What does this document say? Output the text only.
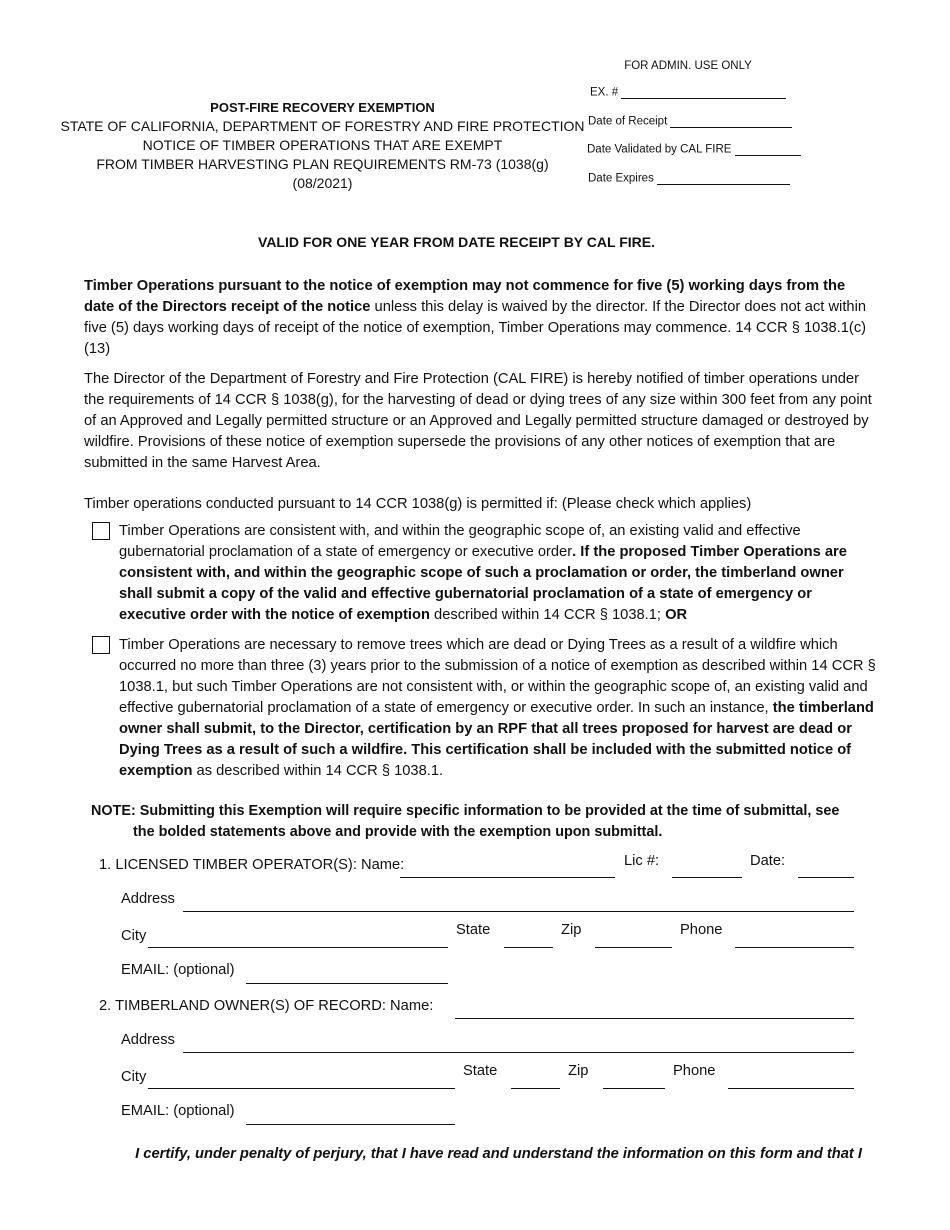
POST-FIRE RECOVERY EXEMPTION
STATE OF CALIFORNIA, DEPARTMENT OF FORESTRY AND FIRE PROTECTION
NOTICE OF TIMBER OPERATIONS THAT ARE EXEMPT
FROM TIMBER HARVESTING PLAN REQUIREMENTS RM-73 (1038(g)
(08/2021)
FOR ADMIN. USE ONLY
EX. #
Date of Receipt
Date Validated by CAL FIRE
Date Expires
VALID FOR ONE YEAR FROM DATE RECEIPT BY CAL FIRE.
Timber Operations pursuant to the notice of exemption may not commence for five (5) working days from the date of the Directors receipt of the notice unless this delay is waived by the director. If the Director does not act within five (5) days working days of receipt of the notice of exemption, Timber Operations may commence. 14 CCR § 1038.1(c)(13)
The Director of the Department of Forestry and Fire Protection (CAL FIRE) is hereby notified of timber operations under the requirements of 14 CCR § 1038(g), for the harvesting of dead or dying trees of any size within 300 feet from any point of an Approved and Legally permitted structure or an Approved and Legally permitted structure damaged or destroyed by wildfire. Provisions of these notice of exemption supersede the provisions of any other notices of exemption that are submitted in the same Harvest Area.
Timber operations conducted pursuant to 14 CCR 1038(g) is permitted if: (Please check which applies)
Timber Operations are consistent with, and within the geographic scope of, an existing valid and effective gubernatorial proclamation of a state of emergency or executive order. If the proposed Timber Operations are consistent with, and within the geographic scope of such a proclamation or order, the timberland owner shall submit a copy of the valid and effective gubernatorial proclamation of a state of emergency or executive order with the notice of exemption described within 14 CCR § 1038.1; OR
Timber Operations are necessary to remove trees which are dead or Dying Trees as a result of a wildfire which occurred no more than three (3) years prior to the submission of a notice of exemption as described within 14 CCR § 1038.1, but such Timber Operations are not consistent with, or within the geographic scope of, an existing valid and effective gubernatorial proclamation of a state of emergency or executive order. In such an instance, the timberland owner shall submit, to the Director, certification by an RPF that all trees proposed for harvest are dead or Dying Trees as a result of such a wildfire. This certification shall be included with the submitted notice of exemption as described within 14 CCR § 1038.1.
NOTE: Submitting this Exemption will require specific information to be provided at the time of submittal, see
the bolded statements above and provide with the exemption upon submittal.
1. LICENSED TIMBER OPERATOR(S): Name:	Lic #:	Date:
Address
City	State	Zip	Phone
EMAIL: (optional)
2. TIMBERLAND OWNER(S) OF RECORD: Name:
Address
City	State	Zip	Phone
EMAIL: (optional)
I certify, under penalty of perjury, that I have read and understand the information on this form and that I
